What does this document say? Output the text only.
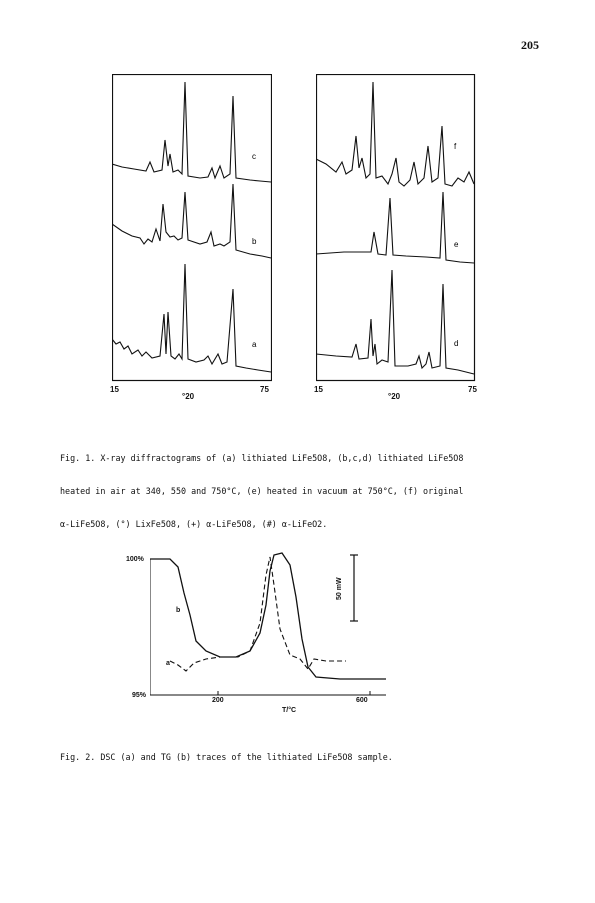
205
c
b
a
15	75
°20
f
e
d
15	75
°20

Fig. 1. X-ray diffractograms of (a) lithiated LiFe5O8, (b,c,d) lithiated LiFe5O8

heated in air at 340, 550 and 750°C, (e) heated in vacuum at 750°C, (f) original

α-LiFe5O8, (°) LixFe5O8, (+) α-LiFe5O8, (#) α-LiFeO2.

100%
95%
50 mW
b
a
200	600
T/°C
Fig. 2. DSC (a) and TG (b) traces of the lithiated LiFe5O8 sample.
